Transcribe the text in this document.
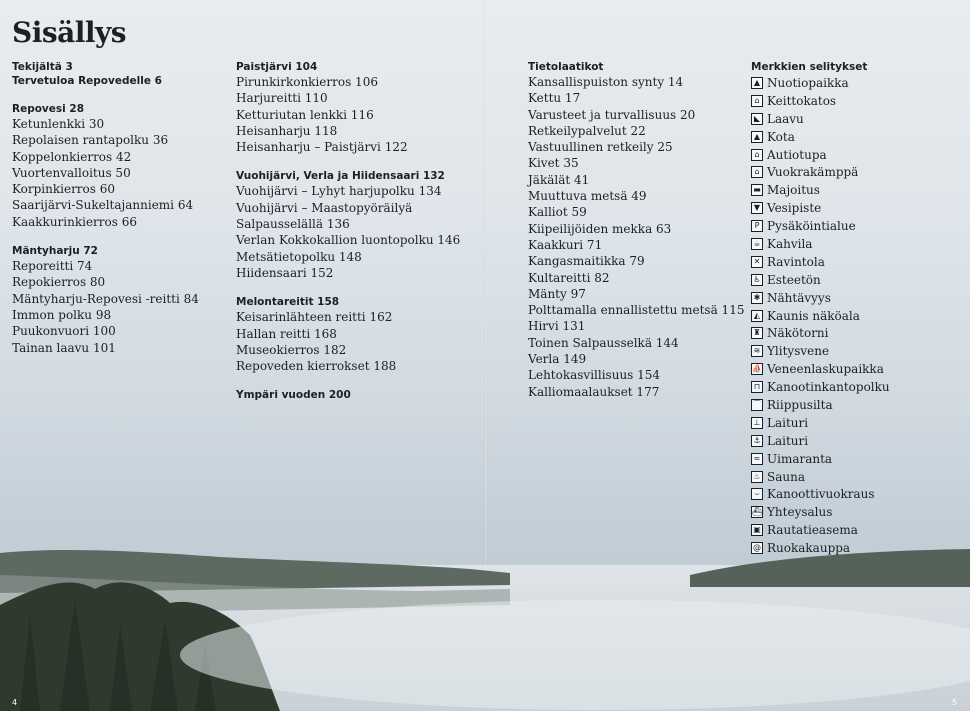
Sisällys
Tekijältä 3
Tervetuloa Repovedelle 6
Repovesi 28
Ketunlenkki 30
Repolaisen rantapolku 36
Koppelonkierros 42
Vuortenvalloitus 50
Korpinkierros 60
Saarijärvi-Sukeltajanniemi 64
Kaakkurinkierros 66
Mäntyharju 72
Reporeitti 74
Repokierros 80
Mäntyharju-Repovesi -reitti 84
Immon polku 98
Puukonvuori 100
Tainan laavu 101
Paistjärvi 104
Pirunkirkonkierros 106
Harjureitti 110
Ketturiutan lenkki 116
Heisanharju 118
Heisanharju – Paistjärvi 122
Vuohijärvi, Verla ja Hiidensaari 132
Vuohijärvi – Lyhyt harjupolku 134
Vuohijärvi – Maastopyöräilyä
Salpausselällä 136
Verlan Kokkokallion luontopolku 146
Metsätietopolku 148
Hiidensaari 152
Melontareitit 158
Keisarinlähteen reitti 162
Hallan reitti 168
Museokierros 182
Repoveden kierrokset 188
Ympäri vuoden 200
Tietolaatikot
Kansallispuiston synty 14
Kettu 17
Varusteet ja turvallisuus 20
Retkeilypalvelut 22
Vastuullinen retkeily 25
Kivet 35
Jäkälät 41
Muuttuva metsä 49
Kalliot 59
Kiipeilijöiden mekka 63
Kaakkuri 71
Kangasmaitikka 79
Kultareitti 82
Mänty 97
Polttamalla ennallistettu metsä 115
Hirvi 131
Toinen Salpausselkä 144
Verla 149
Lehtokasvillisuus 154
Kalliomaalaukset 177
Merkkien selitykset
▲ Nuotiopaikka
⌂ Keittokatos
◣ Laavu
▲ Kota
⌂ Autiotupa
⌂ Vuokrakämppä
▬ Majoitus
▼ Vesipiste
P Pysäköintialue
☕ Kahvila
✕ Ravintola
♿ Esteetön
✱ Nähtävyys
◭ Kaunis näköala
♜ Näkötorni
≋ Ylitysvene
⛵ Veneenlaskupaikka
⊓ Kanootinkantopolku
⌒ Riippusilta
⊥ Laituri
⚓ Laituri
≈ Uimaranta
♨ Sauna
⌣ Kanoottivuokraus
⛴ Yhteysalus
▣ Rautatieasema
@ Ruokakauppa
4	5
